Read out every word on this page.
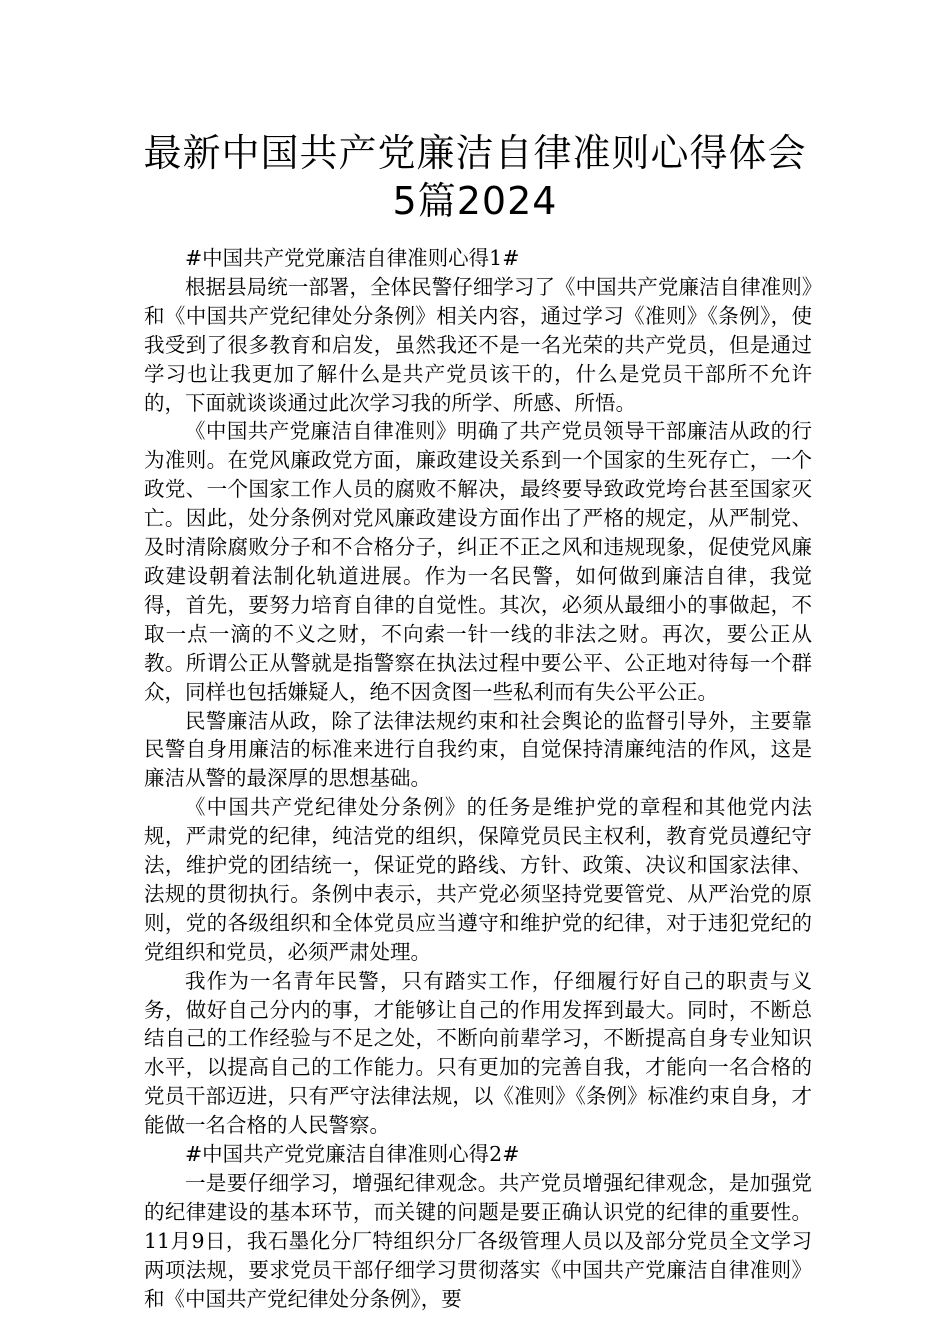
最新中国共产党廉洁自律准则心得体会
5篇2024

#中国共产党党廉洁自律准则心得1#

根据县局统一部署，全体民警仔细学习了《中国共产党廉洁自律准则》和《中国共产党纪律处分条例》相关内容，通过学习《准则》《条例》，使我受到了很多教育和启发，虽然我还不是一名光荣的共产党员，但是通过学习也让我更加了解什么是共产党员该干的，什么是党员干部所不允许的，下面就谈谈通过此次学习我的所学、所感、所悟。

《中国共产党廉洁自律准则》明确了共产党员领导干部廉洁从政的行为准则。在党风廉政党方面，廉政建设关系到一个国家的生死存亡，一个政党、一个国家工作人员的腐败不解决，最终要导致政党垮台甚至国家灭亡。因此，处分条例对党风廉政建设方面作出了严格的规定，从严制党、及时清除腐败分子和不合格分子，纠正不正之风和违规现象，促使党风廉政建设朝着法制化轨道进展。作为一名民警，如何做到廉洁自律，我觉得，首先，要努力培育自律的自觉性。其次，必须从最细小的事做起，不取一点一滴的不义之财，不向索一针一线的非法之财。再次，要公正从教。所谓公正从警就是指警察在执法过程中要公平、公正地对待每一个群众，同样也包括嫌疑人，绝不因贪图一些私利而有失公平公正。

民警廉洁从政，除了法律法规约束和社会舆论的监督引导外，主要靠民警自身用廉洁的标准来进行自我约束，自觉保持清廉纯洁的作风，这是廉洁从警的最深厚的思想基础。

《中国共产党纪律处分条例》的任务是维护党的章程和其他党内法规，严肃党的纪律，纯洁党的组织，保障党员民主权利，教育党员遵纪守法，维护党的团结统一，保证党的路线、方针、政策、决议和国家法律、法规的贯彻执行。条例中表示，共产党必须坚持党要管党、从严治党的原则，党的各级组织和全体党员应当遵守和维护党的纪律，对于违犯党纪的党组织和党员，必须严肃处理。

我作为一名青年民警，只有踏实工作，仔细履行好自己的职责与义务，做好自己分内的事，才能够让自己的作用发挥到最大。同时，不断总结自己的工作经验与不足之处，不断向前辈学习，不断提高自身专业知识水平，以提高自己的工作能力。只有更加的完善自我，才能向一名合格的党员干部迈进，只有严守法律法规，以《准则》《条例》标准约束自身，才能做一名合格的人民警察。

#中国共产党党廉洁自律准则心得2#

一是要仔细学习，增强纪律观念。共产党员增强纪律观念，是加强党的纪律建设的基本环节，而关键的问题是要正确认识党的纪律的重要性。11月9日，我石墨化分厂特组织分厂各级管理人员以及部分党员全文学习两项法规，要求党员干部仔细学习贯彻落实《中国共产党廉洁自律准则》和《中国共产党纪律处分条例》，要
